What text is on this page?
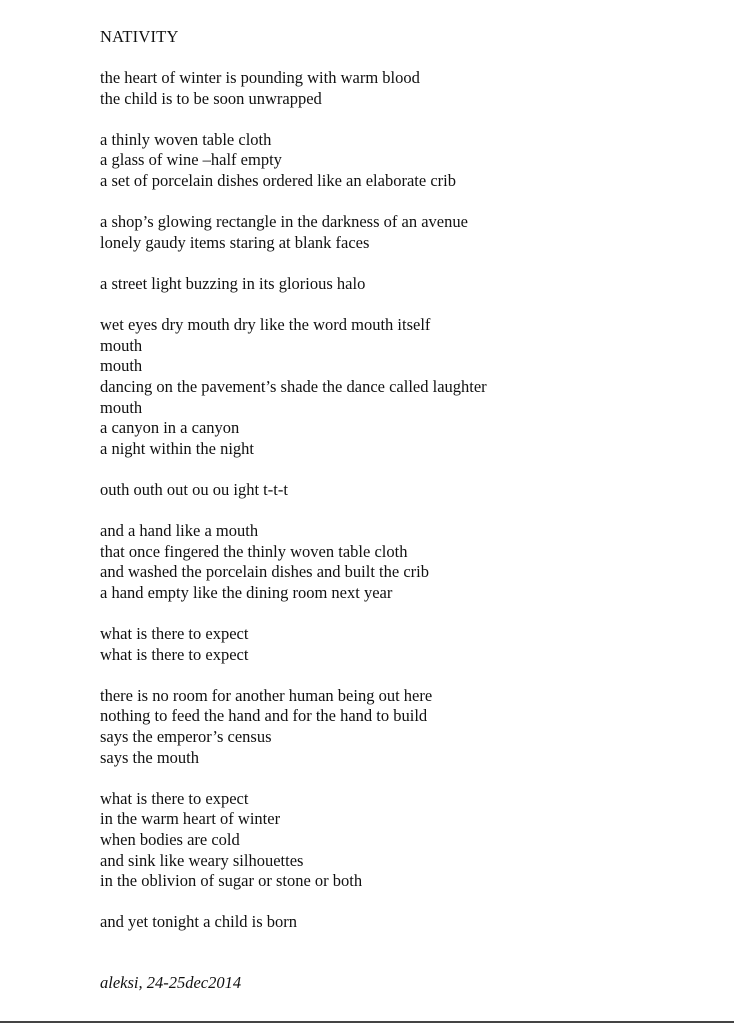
NATIVITY
the heart of winter is pounding with warm blood
the child is to be soon unwrapped
a thinly woven table cloth
a glass of wine –half empty
a set of porcelain dishes ordered like an elaborate crib
a shop’s glowing rectangle in the darkness of an avenue
lonely gaudy items staring at blank faces
a street light buzzing in its glorious halo
wet eyes dry mouth dry like the word mouth itself
mouth
mouth
dancing on the pavement’s shade the dance called laughter
mouth
a canyon in a canyon
a night within the night
outh outh out ou ou ight t-t-t
and a hand like a mouth
that once fingered the thinly woven table cloth
and washed the porcelain dishes and built the crib
a hand empty like the dining room next year
what is there to expect
what is there to expect
there is no room for another human being out here
nothing to feed the hand and for the hand to build
says the emperor’s census
says the mouth
what is there to expect
in the warm heart of winter
when bodies are cold
and sink like weary silhouettes
in the oblivion of sugar or stone or both
and yet tonight a child is born
aleksi, 24-25dec2014
